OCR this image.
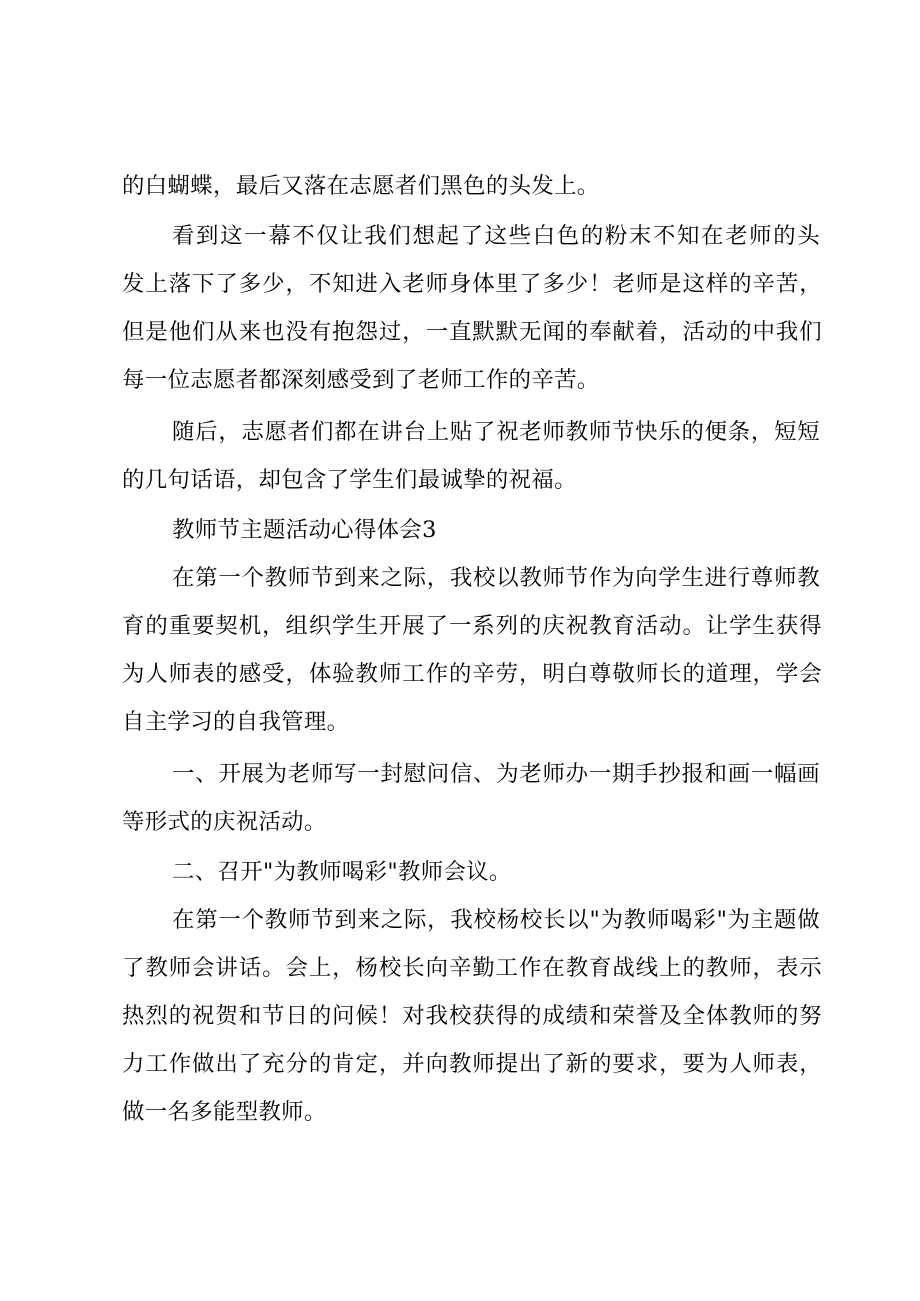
的白蝴蝶，最后又落在志愿者们黑色的头发上。
看到这一幕不仅让我们想起了这些白色的粉末不知在老师的头
发上落下了多少，不知进入老师身体里了多少！老师是这样的辛苦，
但是他们从来也没有抱怨过，一直默默无闻的奉献着，活动的中我们
每一位志愿者都深刻感受到了老师工作的辛苦。
随后，志愿者们都在讲台上贴了祝老师教师节快乐的便条，短短
的几句话语，却包含了学生们最诚挚的祝福。
教师节主题活动心得体会3
在第一个教师节到来之际，我校以教师节作为向学生进行尊师教
育的重要契机，组织学生开展了一系列的庆祝教育活动。让学生获得
为人师表的感受，体验教师工作的辛劳，明白尊敬师长的道理，学会
自主学习的自我管理。
一、开展为老师写一封慰问信、为老师办一期手抄报和画一幅画
等形式的庆祝活动。
二、召开"为教师喝彩"教师会议。
在第一个教师节到来之际，我校杨校长以"为教师喝彩"为主题做
了教师会讲话。会上，杨校长向辛勤工作在教育战线上的教师，表示
热烈的祝贺和节日的问候！对我校获得的成绩和荣誉及全体教师的努
力工作做出了充分的肯定，并向教师提出了新的要求，要为人师表，
做一名多能型教师。
